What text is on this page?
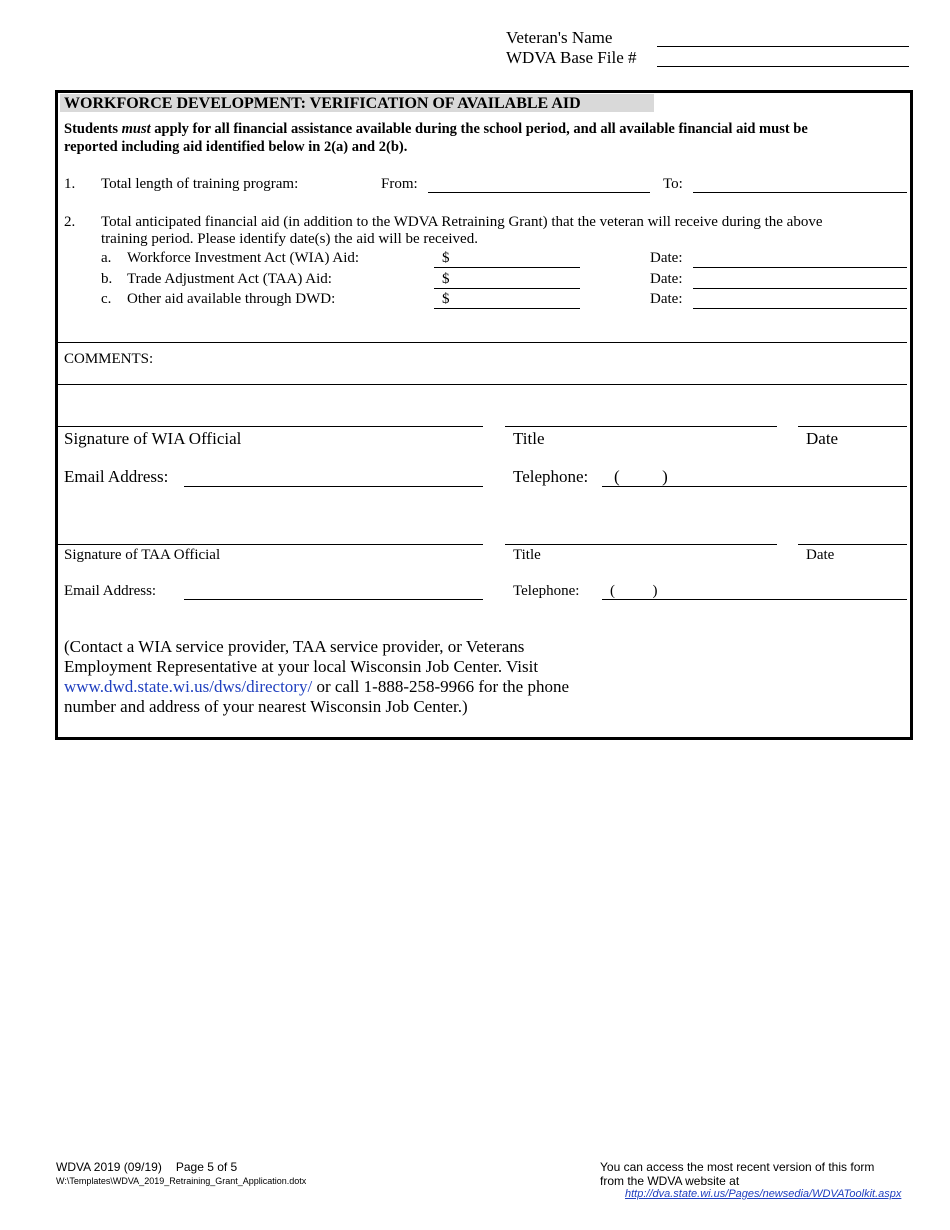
Veteran's Name
WDVA Base File #
WORKFORCE DEVELOPMENT: VERIFICATION OF AVAILABLE AID
Students must apply for all financial assistance available during the school period, and all available financial aid must be
reported including aid identified below in 2(a) and 2(b).
1. Total length of training program:	From:	To:
2. Total anticipated financial aid (in addition to the WDVA Retraining Grant) that the veteran will receive during the above
training period. Please identify date(s) the aid will be received.
a. Workforce Investment Act (WIA) Aid:	$	Date:
b. Trade Adjustment Act (TAA) Aid:	$	Date:
c. Other aid available through DWD:	$	Date:
COMMENTS:
Signature of WIA Official	Title	Date
Email Address:	Telephone: (          )
Signature of TAA Official	Title	Date
Email Address:	Telephone: (          )
(Contact a WIA service provider, TAA service provider, or Veterans
Employment Representative at your local Wisconsin Job Center. Visit
www.dwd.state.wi.us/dws/directory/ or call 1-888-258-9966 for the phone
number and address of your nearest Wisconsin Job Center.)
WDVA 2019 (09/19) Page 5 of 5
W:\Templates\WDVA_2019_Retraining_Grant_Application.dotx
You can access the most recent version of this form
from the WDVA website at
http://dva.state.wi.us/Pages/newsedia/WDVAToolkit.aspx
